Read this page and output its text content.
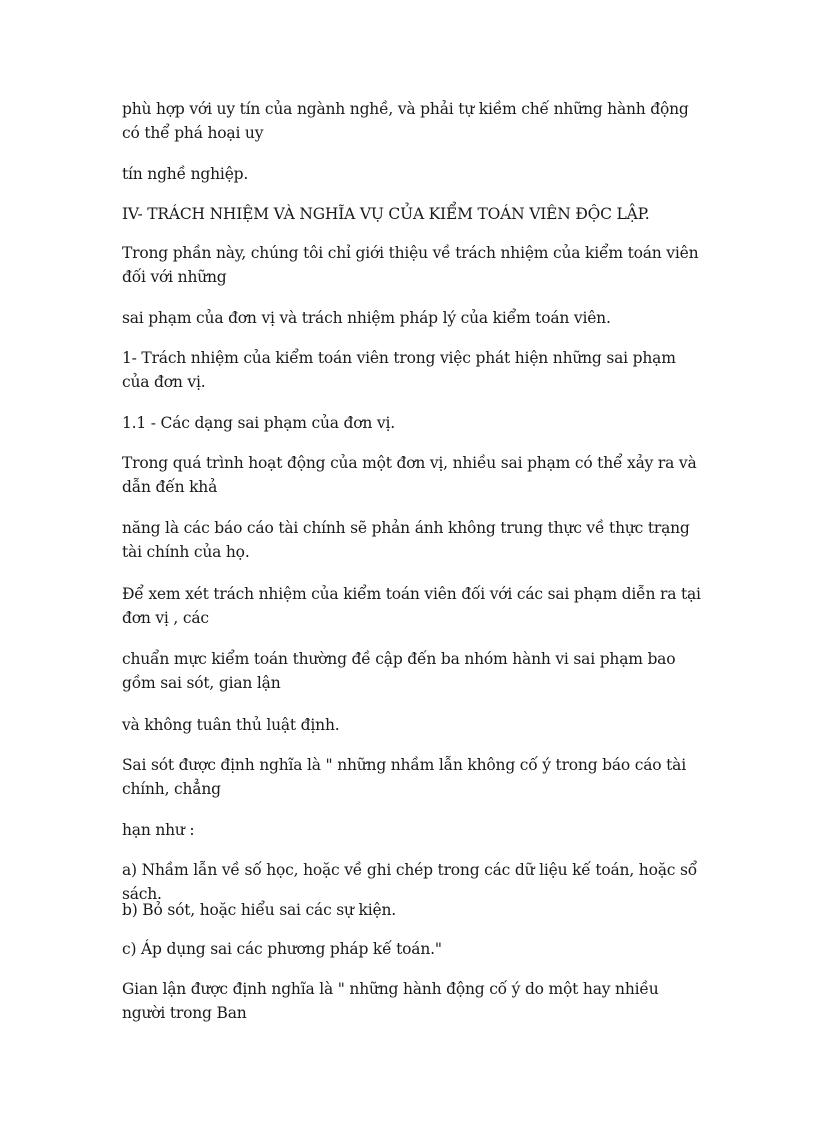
phù hợp với uy tín của ngành nghề, và phải tự kiềm chế những hành động có thể phá hoại uy

tín nghề nghiệp.

IV- TRÁCH NHIỆM VÀ NGHĨA VỤ CỦA KIỂM TOÁN VIÊN ĐỘC LẬP.

Trong phần này, chúng tôi chỉ giới thiệu về trách nhiệm của kiểm toán viên đối với những

sai phạm của đơn vị và trách nhiệm pháp lý của kiểm toán viên.

1- Trách nhiệm của kiểm toán viên trong việc phát hiện những sai phạm của đơn vị.

1.1 - Các dạng sai phạm của đơn vị.

Trong quá trình hoạt động của một đơn vị, nhiều sai phạm có thể xảy ra và dẫn đến khả

năng là các báo cáo tài chính sẽ phản ánh không trung thực về thực trạng tài chính của họ.

Để xem xét trách nhiệm của kiểm toán viên đối với các sai phạm diễn ra tại đơn vị , các

chuẩn mực kiểm toán thường đề cập đến ba nhóm hành vi sai phạm bao gồm sai sót, gian lận

và không tuân thủ luật định.

Sai sót được định nghĩa là " những nhầm lẫn không cố ý trong báo cáo tài chính, chẳng

hạn như :

a) Nhầm lẫn về số học, hoặc về ghi chép trong các dữ liệu kế toán, hoặc sổ sách.

b) Bỏ sót, hoặc hiểu sai các sự kiện.

c) Áp dụng sai các phương pháp kế toán."

Gian lận được định nghĩa là " những hành động cố ý do một hay nhiều người trong Ban
